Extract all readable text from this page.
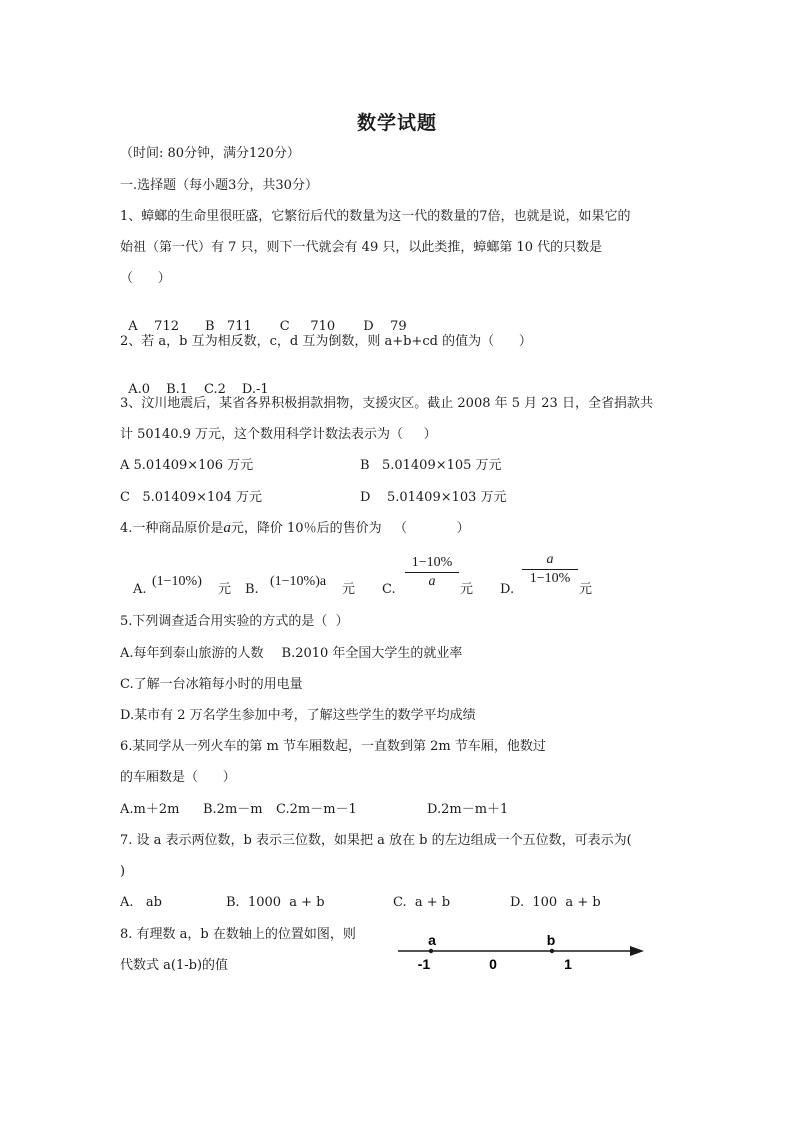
数学试题
（时间: 80分钟，满分120分）
一.选择题（每小题3分，共30分）
1、蟑螂的生命里很旺盛，它繁衍后代的数量为这一代的数量的7倍，也就是说，如果它的
始祖（第一代）有 7 只，则下一代就会有 49 只，以此类推，蟑螂第 10 代的只数是
（      ）

A    712 B   711 C     710 D    79

2、若 a，b 互为相反数，c，d 互为倒数，则 a+b+cd 的值为（      ）

A.0 B.1 C.2 D.-1

3、汶川地震后，某省各界积极捐款捐物，支援灾区。截止 2008 年 5 月 23 日，全省捐款共
计 50140.9 万元，这个数用科学计数法表示为（     ）
A 5.01409×106 万元	B   5.01409×105 万元
C   5.01409×104 万元	D    5.01409×103 万元
4.一种商品原价是a元，降价 10％后的售价为   （            ）
A.
(1−10%)
元 B.
(1−10%)a
元 C. $\frac{1-10\%}{a}$ 元 D.
$\frac{a}{1-10\%}$
元
5.下列调查适合用实验的方式的是（  ）
A.每年到泰山旅游的人数 B.2010 年全国大学生的就业率
C.了解一台冰箱每小时的用电量
D.某市有 2 万名学生参加中考，了解这些学生的数学平均成绩
6.某同学从一列火车的第 m 节车厢数起，一直数到第 2m 节车厢，他数过
的车厢数是（      ）
A.m＋2m B.2m－m C.2m－m－1	D.2m－m＋1
7. 设 a 表示两位数，b 表示三位数，如果把 a 放在 b 的左边组成一个五位数，可表示为(
)
A.   ab	B.  1000  a + b	C.  a + b	D.  100  a + b
8. 有理数 a，b 在数轴上的位置如图，则
代数式 a(1-b)的值
a	b
-1	0	1
